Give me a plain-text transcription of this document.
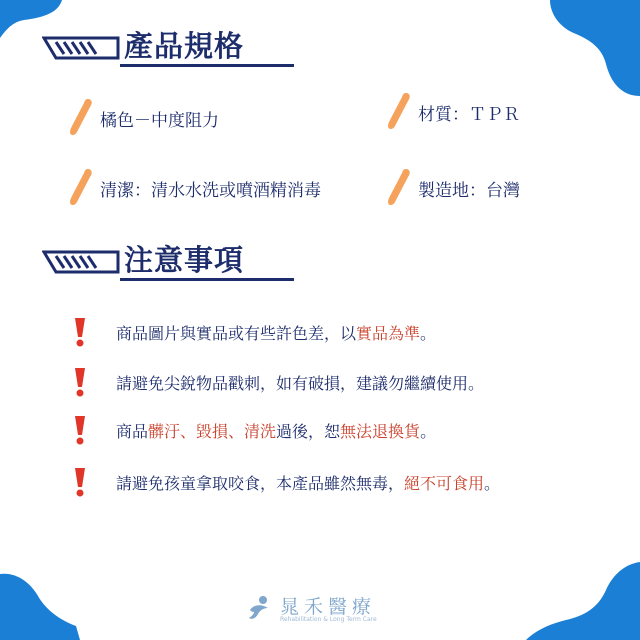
產品規格
橘色－中度阻力	材質：ＴＰＲ
清潔：清水水洗或噴酒精消毒	製造地：台灣
注意事項
商品圖片與實品或有些許色差，以實品為準。
請避免尖銳物品戳刺，如有破損，建議勿繼續使用。
商品髒汙、毀損、清洗過後，恕無法退換貨。
請避免孩童拿取咬食，本產品雖然無毒，絕不可食用。
晁禾醫療
Rehabilitation & Long Term Care
